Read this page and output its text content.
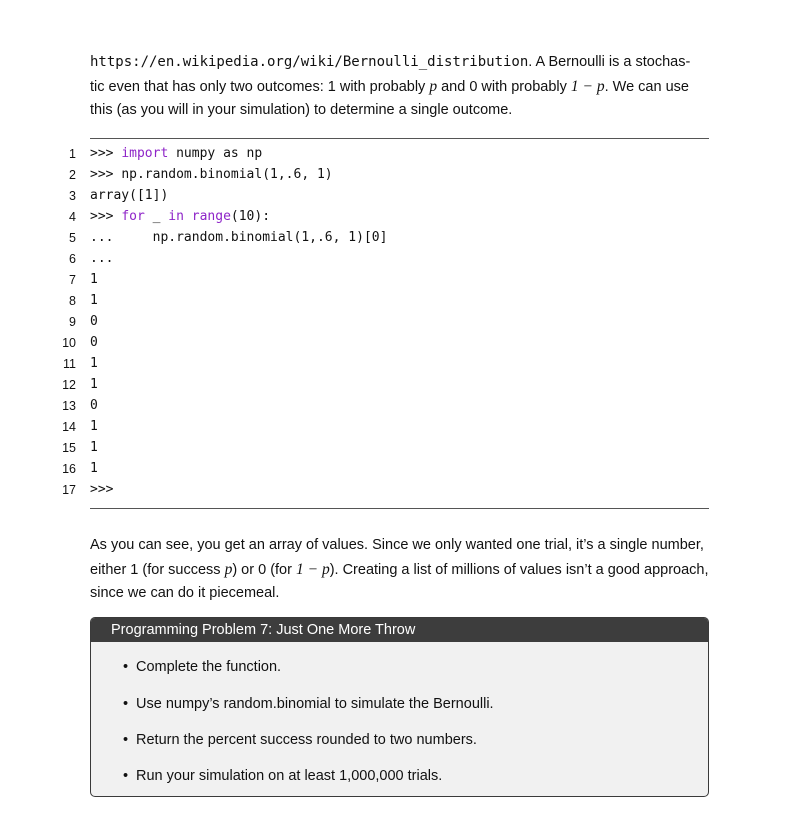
https://en.wikipedia.org/wiki/Bernoulli_distribution. A Bernoulli is a stochas-
tic even that has only two outcomes: 1 with probably p and 0 with probably 1 − p. We can use
this (as you will in your simulation) to determine a single outcome.

1 >>> import numpy as np
2 >>> np.random.binomial(1,.6, 1)
3 array([1])
4 >>> for _ in range(10):
5 ...     np.random.binomial(1,.6, 1)[0]
6 ...
7 1
8 1
9 0
10 0
11 1
12 1
13 0
14 1
15 1
16 1
17 >>>

As you can see, you get an array of values. Since we only wanted one trial, it’s a single number,
either 1 (for success p) or 0 (for 1 − p). Creating a list of millions of values isn’t a good approach,
since we can do it piecemeal.

Programming Problem 7: Just One More Throw
• Complete the function.
• Use numpy’s random.binomial to simulate the Bernoulli.
• Return the percent success rounded to two numbers.
• Run your simulation on at least 1,000,000 trials.
